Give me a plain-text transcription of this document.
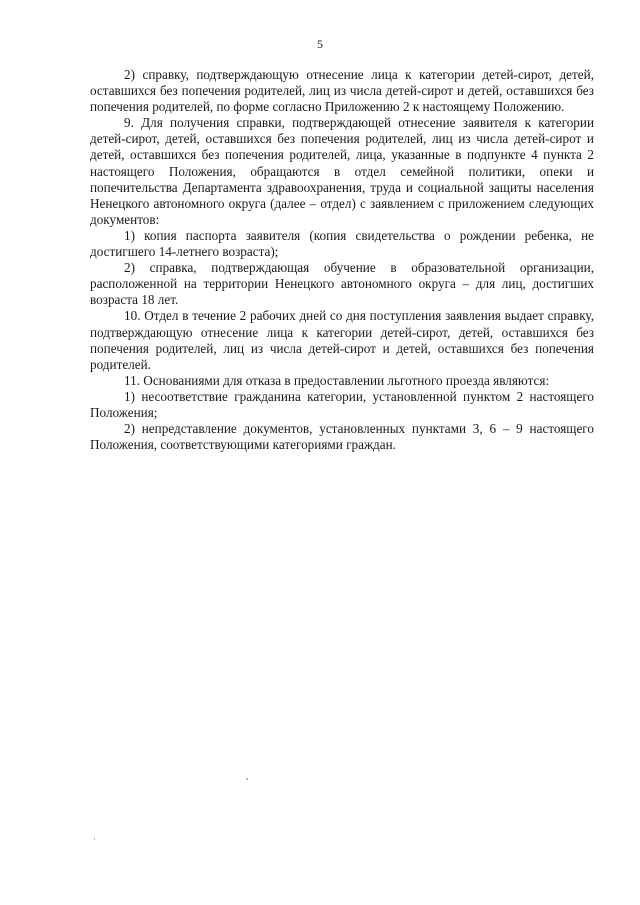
5

2) справку, подтверждающую отнесение лица к категории детей-сирот, детей, оставшихся без попечения родителей, лиц из числа детей-сирот и детей, оставшихся без попечения родителей, по форме согласно Приложению 2 к настоящему Положению.

9. Для получения справки, подтверждающей отнесение заявителя к категории детей-сирот, детей, оставшихся без попечения родителей, лиц из числа детей-сирот и детей, оставшихся без попечения родителей, лица, указанные в подпункте 4 пункта 2 настоящего Положения, обращаются в отдел семейной политики, опеки и попечительства Департамента здравоохранения, труда и социальной защиты населения Ненецкого автономного округа (далее – отдел) с заявлением с приложением следующих документов:

1) копия паспорта заявителя (копия свидетельства о рождении ребенка, не достигшего 14-летнего возраста);

2) справка, подтверждающая обучение в образовательной организации, расположенной на территории Ненецкого автономного округа – для лиц, достигших возраста 18 лет.

10. Отдел в течение 2 рабочих дней со дня поступления заявления выдает справку, подтверждающую отнесение лица к категории детей-сирот, детей, оставшихся без попечения родителей, лиц из числа детей-сирот и детей, оставшихся без попечения родителей.

11. Основаниями для отказа в предоставлении льготного проезда являются:

1) несоответствие гражданина категории, установленной пунктом 2 настоящего Положения;

2) непредставление документов, установленных пунктами 3, 6 – 9 настоящего Положения, соответствующими категориями граждан.
